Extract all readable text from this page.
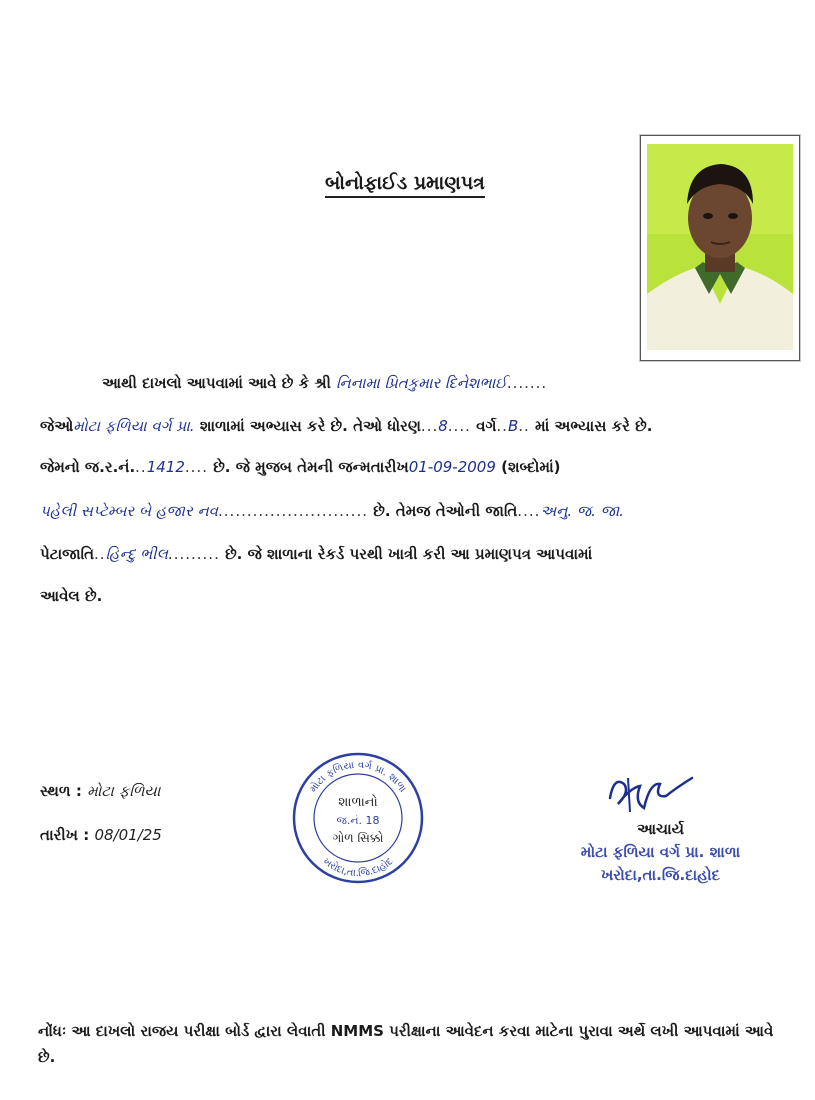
બોનોફાઈડ પ્રમાણપત્ર
આથી દાખલો આપવામાં આવે છે કે શ્રી નિનામા પ્રિતકુમાર દિનેશભાઈ.......
જેઓમોટા ફળિયા વર્ગ પ્રા. શાળામાં અભ્યાસ કરે છે. તેઓ ધોરણ...8.... વર્ગ..B.. માં અભ્યાસ કરે છે.
જેમનો જ.ર.નં...1412.... છે. જે મુજબ તેમની જન્મતારીખ01-09-2009 (શબ્દોમાં)
પહેલી સપ્ટેમ્બર બે હજાર નવ.......................... છે. તેમજ તેઓની જાતિ....અનુ. જ. જા.
પેટાજાતિ..હિન્દુ ભીલ......... છે. જે શાળાના રેકર્ડ પરથી ખાત્રી કરી આ પ્રમાણપત્ર આપવામાં
આવેલ છે.
સ્થળ : મોટા ફળિયા
તારીખ : 08/01/25
મોટા ફળિયા વર્ગ પ્રા. શાળા
ખરોદા,તા.જિ.દાહોદ
શાળાનો
જ.નં. 18
ગોળ સિક્કો	આચાર્ય
મોટા ફળિયા વર્ગ પ્રા. શાળા
ખરોદા,તા.જિ.દાહોદ
નોંધઃ આ દાખલો રાજય પરીક્ષા બોર્ડ દ્વારા લેવાતી NMMS પરીક્ષાના આવેદન કરવા માટેના પુરાવા અર્થે લખી આપવામાં આવે છે.
